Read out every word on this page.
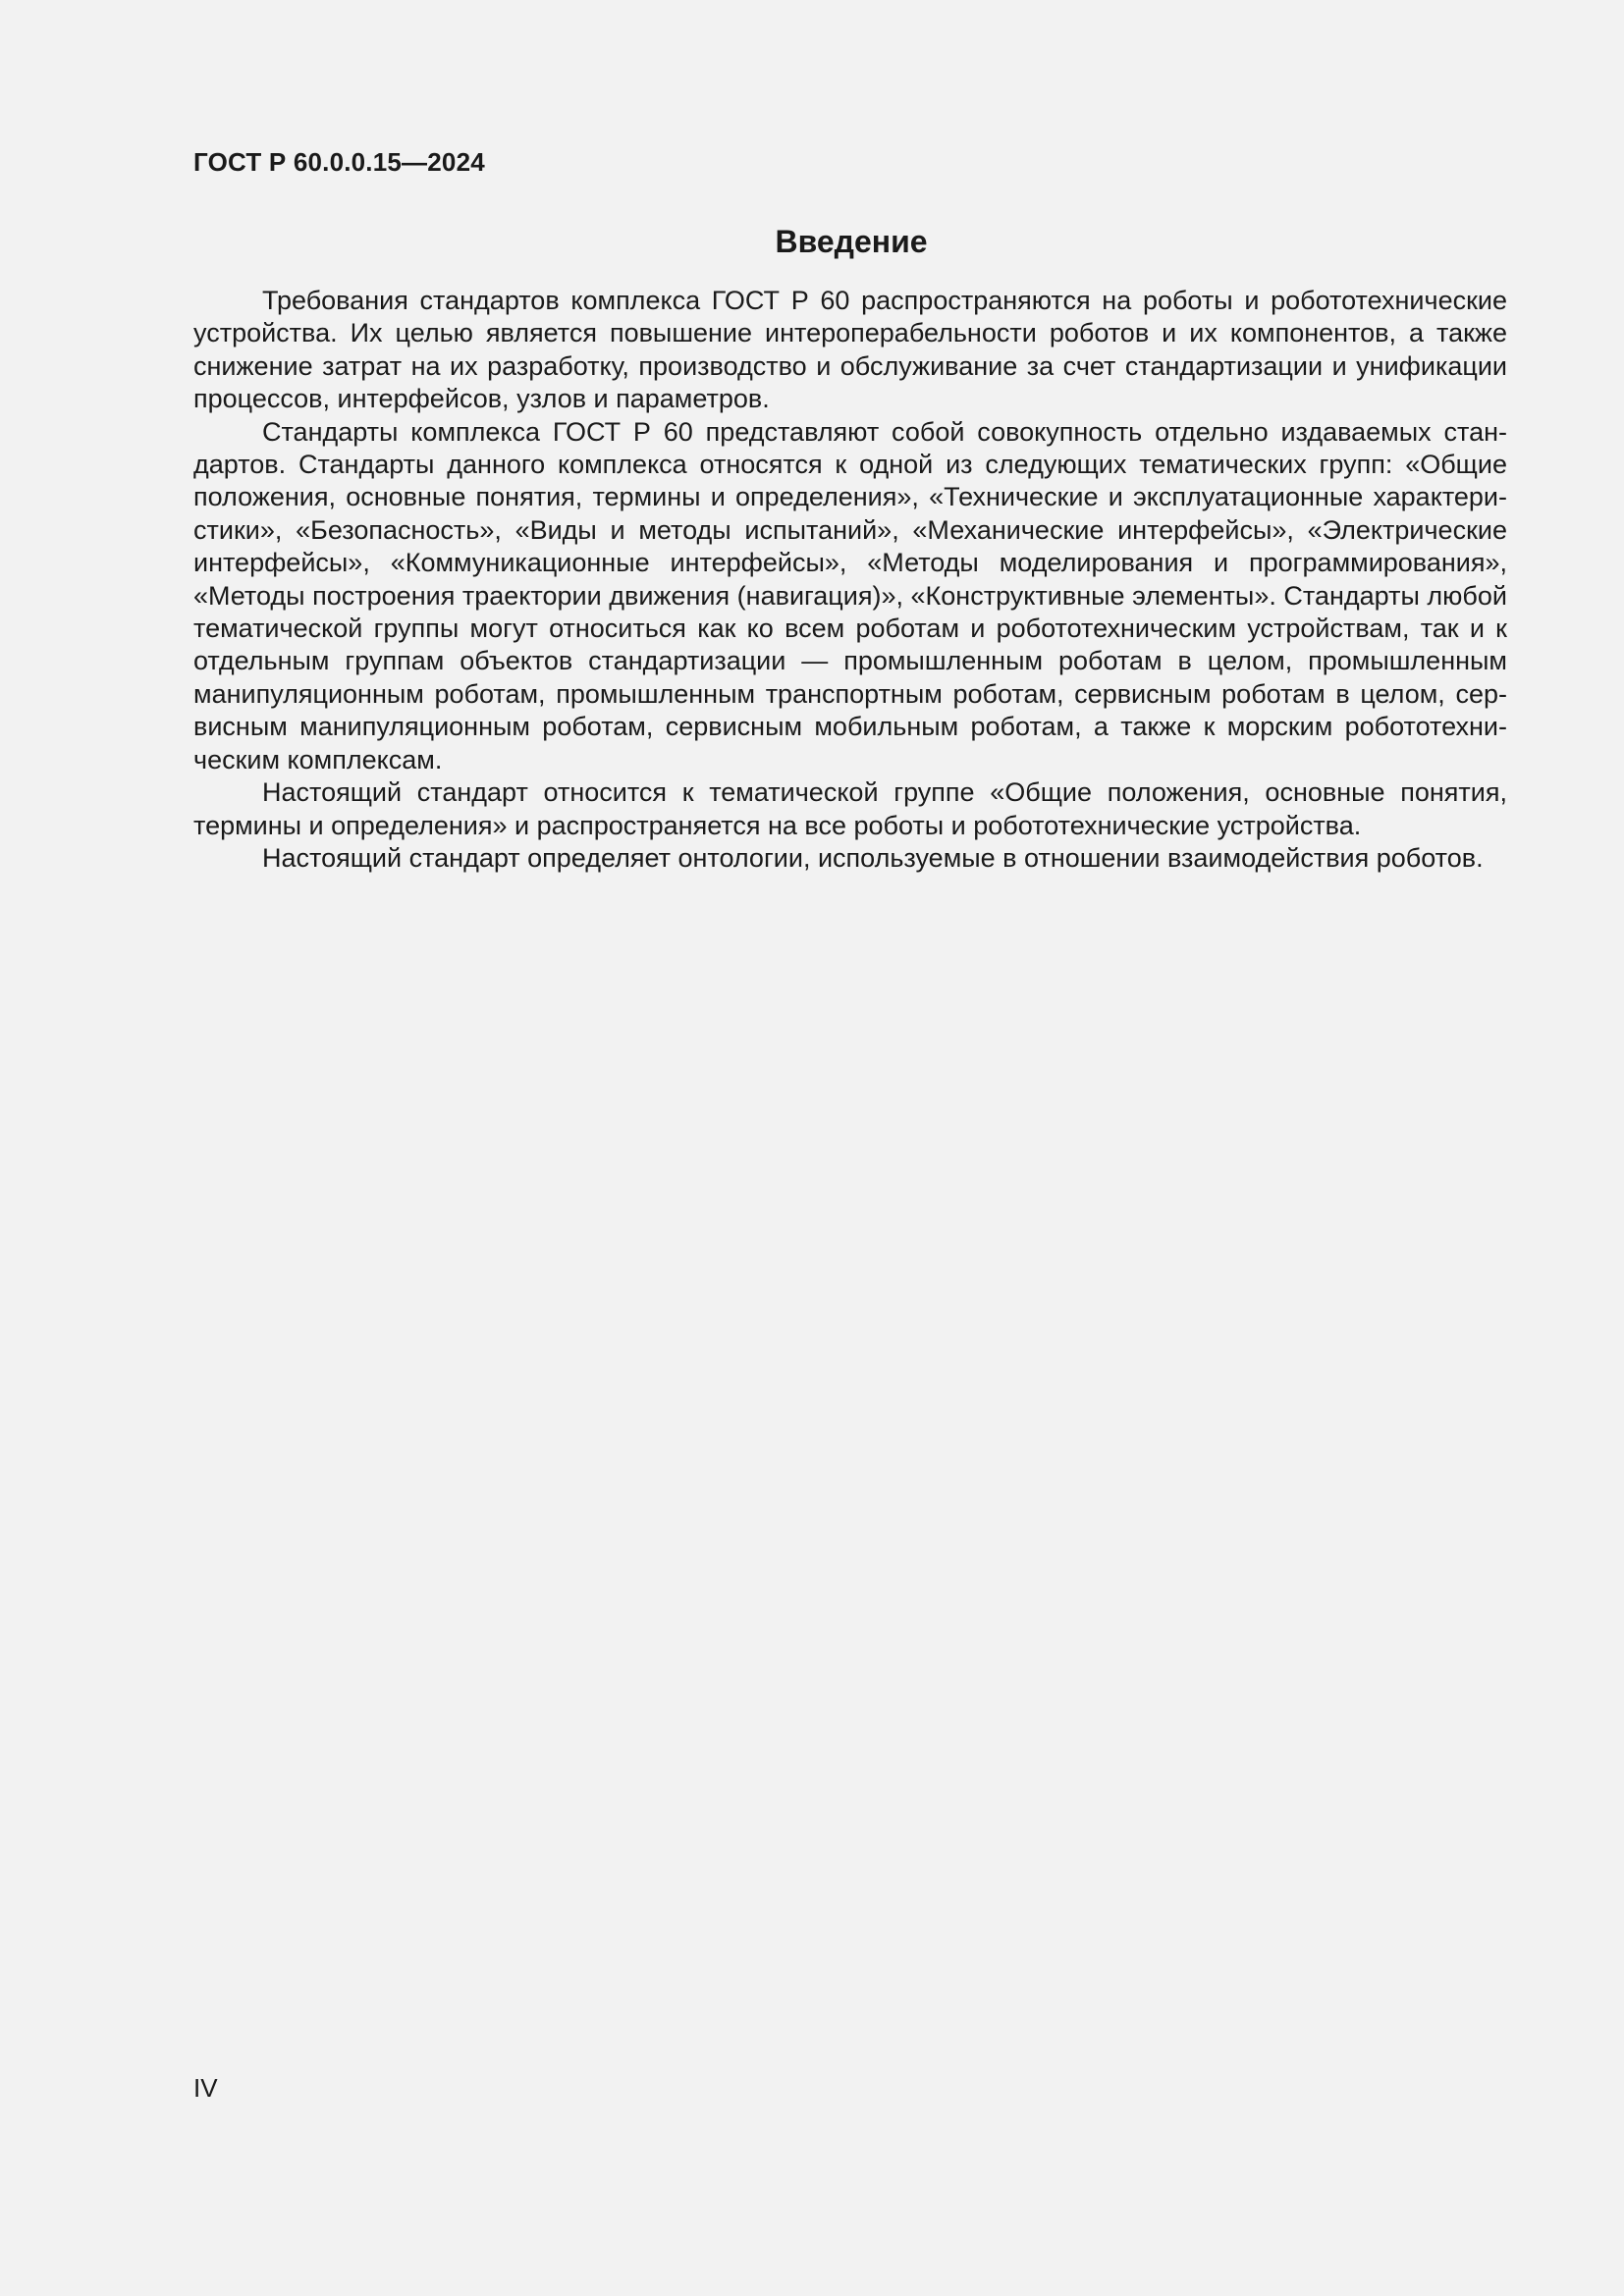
ГОСТ Р 60.0.0.15—2024
Введение

Требования стандартов комплекса ГОСТ Р 60 распространяются на роботы и робототехнические устройства. Их целью является повышение интероперабельности роботов и их компонентов, а также снижение затрат на их разработку, производство и обслуживание за счет стандартизации и унификации процессов, интерфейсов, узлов и параметров.

Стандарты комплекса ГОСТ Р 60 представляют собой совокупность отдельно издаваемых стандартов. Стандарты данного комплекса относятся к одной из следующих тематических групп: «Общие положения, основные понятия, термины и определения», «Технические и эксплуатационные характеристики», «Безопасность», «Виды и методы испытаний», «Механические интерфейсы», «Электрические интерфейсы», «Коммуникационные интерфейсы», «Методы моделирования и программирования», «Методы построения траектории движения (навигация)», «Конструктивные элементы». Стандарты любой тематической группы могут относиться как ко всем роботам и робототехническим устройствам, так и к отдельным группам объектов стандартизации — промышленным роботам в целом, промышленным манипуляционным роботам, промышленным транспортным роботам, сервисным роботам в целом, сервисным манипуляционным роботам, сервисным мобильным роботам, а также к морским робототехническим комплексам.

Настоящий стандарт относится к тематической группе «Общие положения, основные понятия, термины и определения» и распространяется на все роботы и робототехнические устройства.

Настоящий стандарт определяет онтологии, используемые в отношении взаимодействия роботов.

IV
